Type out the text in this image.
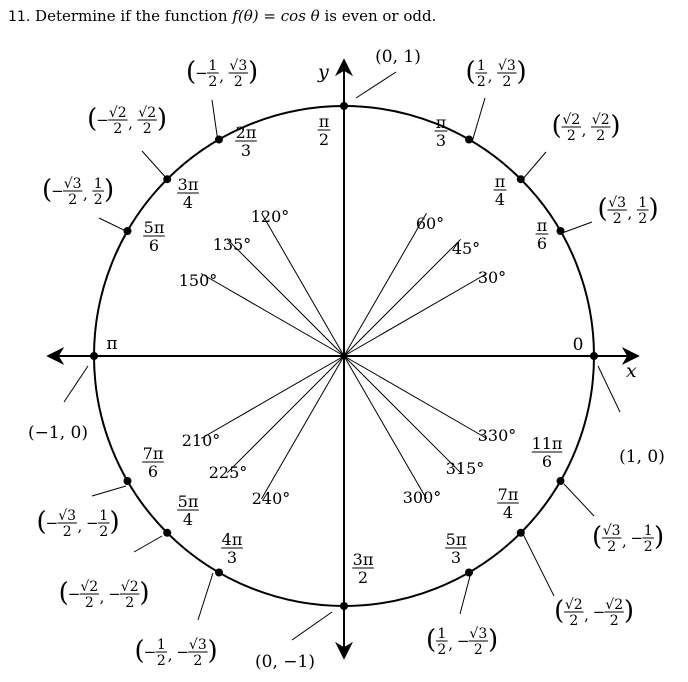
11. Determine if the function f(θ) = cos θ is even or odd.
x
y
30°
45°
60°
120°
135°
150°
210°
225°
240°	300°
315°
330°
0
π
6
π
4
π
3
π
2
2π
3
3π
4
5π
6
π
7π
6
5π
4
4π
3	3π
2
5π
3
7π
4
11π
6	(1, 0)
( √3
2 ,
1
2 )
( √2
2 ,
√2
2 )
( 1
2 ,
√3
2 )
(0, 1)
( − 1
2 ,
√3
2 )
( − √2
2 ,
√2
2 )
( − √3
2 ,
1
2 )
(−1, 0)
( − √3
2 , − 1
2 )
( − √2
2 , − √2
2 )
( − 1
2 , − √3
2 ) (0, −1)
( 1
2 , − √3
2 )
( √2
2 , − √2
2 )
( √3
2 , − 1
2 )
